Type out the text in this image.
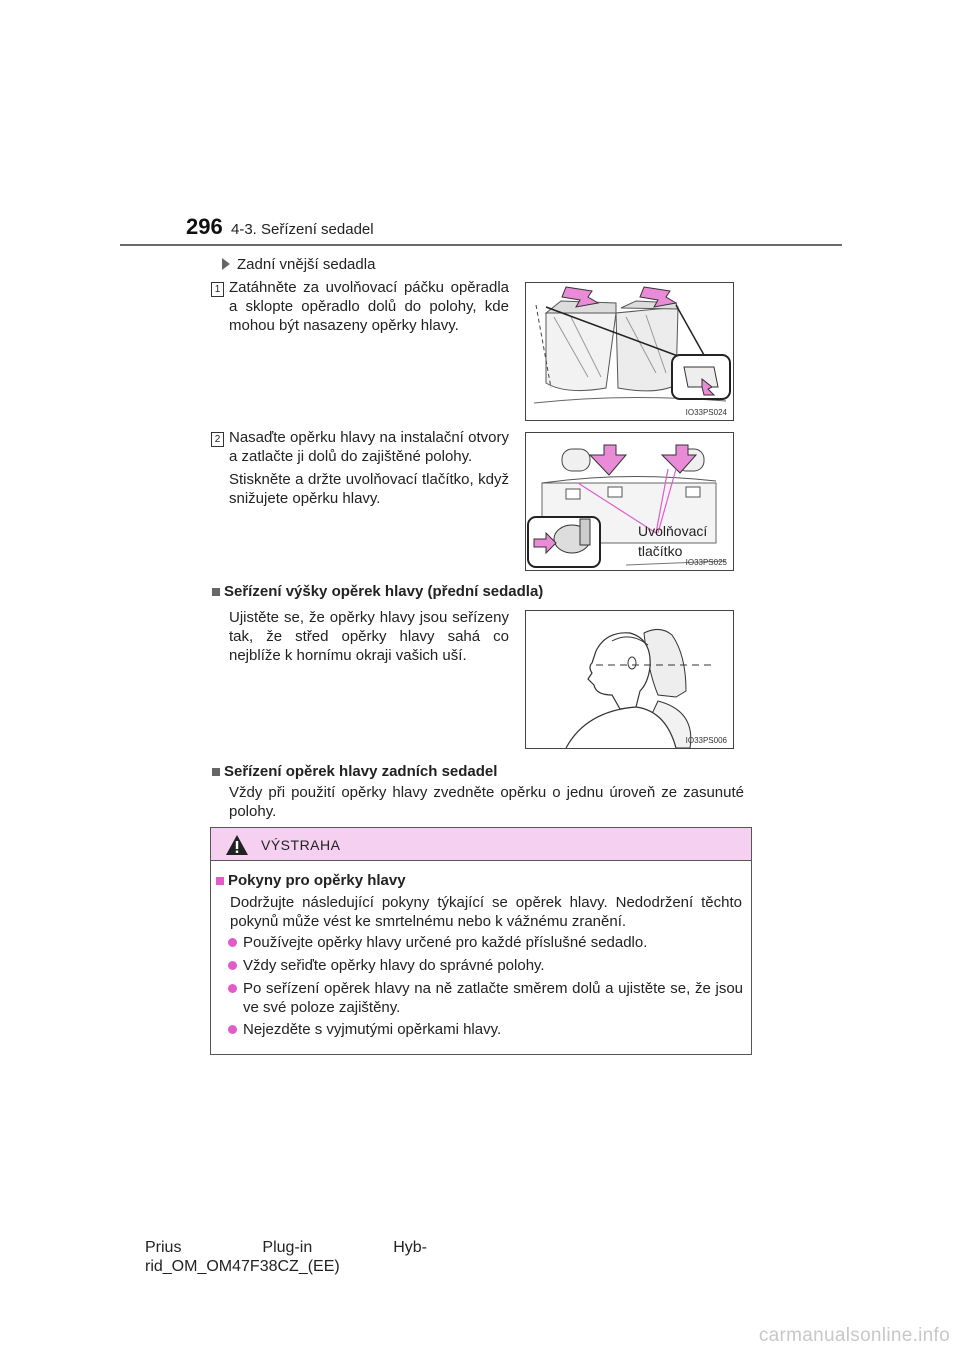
296 4-3. Seřízení sedadel
Zadní vnější sedadla
1 Zatáhněte za uvolňovací páčku opěradla a sklopte opěradlo dolů do polohy, kde mohou být nasazeny opěrky hlavy.
IO33PS024
2 Nasaďte opěrku hlavy na instalační otvory a zatlačte ji dolů do zajištěné polohy.
Stiskněte a držte uvolňovací tlačítko, když snižujete opěrku hlavy.
Uvolňovací
tlačítko
IO33PS025
Seřízení výšky opěrek hlavy (přední sedadla)
Ujistěte se, že opěrky hlavy jsou seřízeny tak, že střed opěrky hlavy sahá co nejblíže k hornímu okraji vašich uší.
IO33PS006
Seřízení opěrek hlavy zadních sedadel
Vždy při použití opěrky hlavy zvedněte opěrku o jednu úroveň ze zasunuté polohy.
VÝSTRAHA
Pokyny pro opěrky hlavy
Dodržujte následující pokyny týkající se opěrek hlavy. Nedodržení těchto pokynů může vést ke smrtelnému nebo k vážnému zranění.
Používejte opěrky hlavy určené pro každé příslušné sedadlo.
Vždy seřiďte opěrky hlavy do správné polohy.
Po seřízení opěrek hlavy na ně zatlačte směrem dolů a ujistěte se, že jsou ve své poloze zajištěny.
Nejezděte s vyjmutými opěrkami hlavy.
Prius Plug-in Hyb-
rid_OM_OM47F38CZ_(EE)
carmanualsonline.info
